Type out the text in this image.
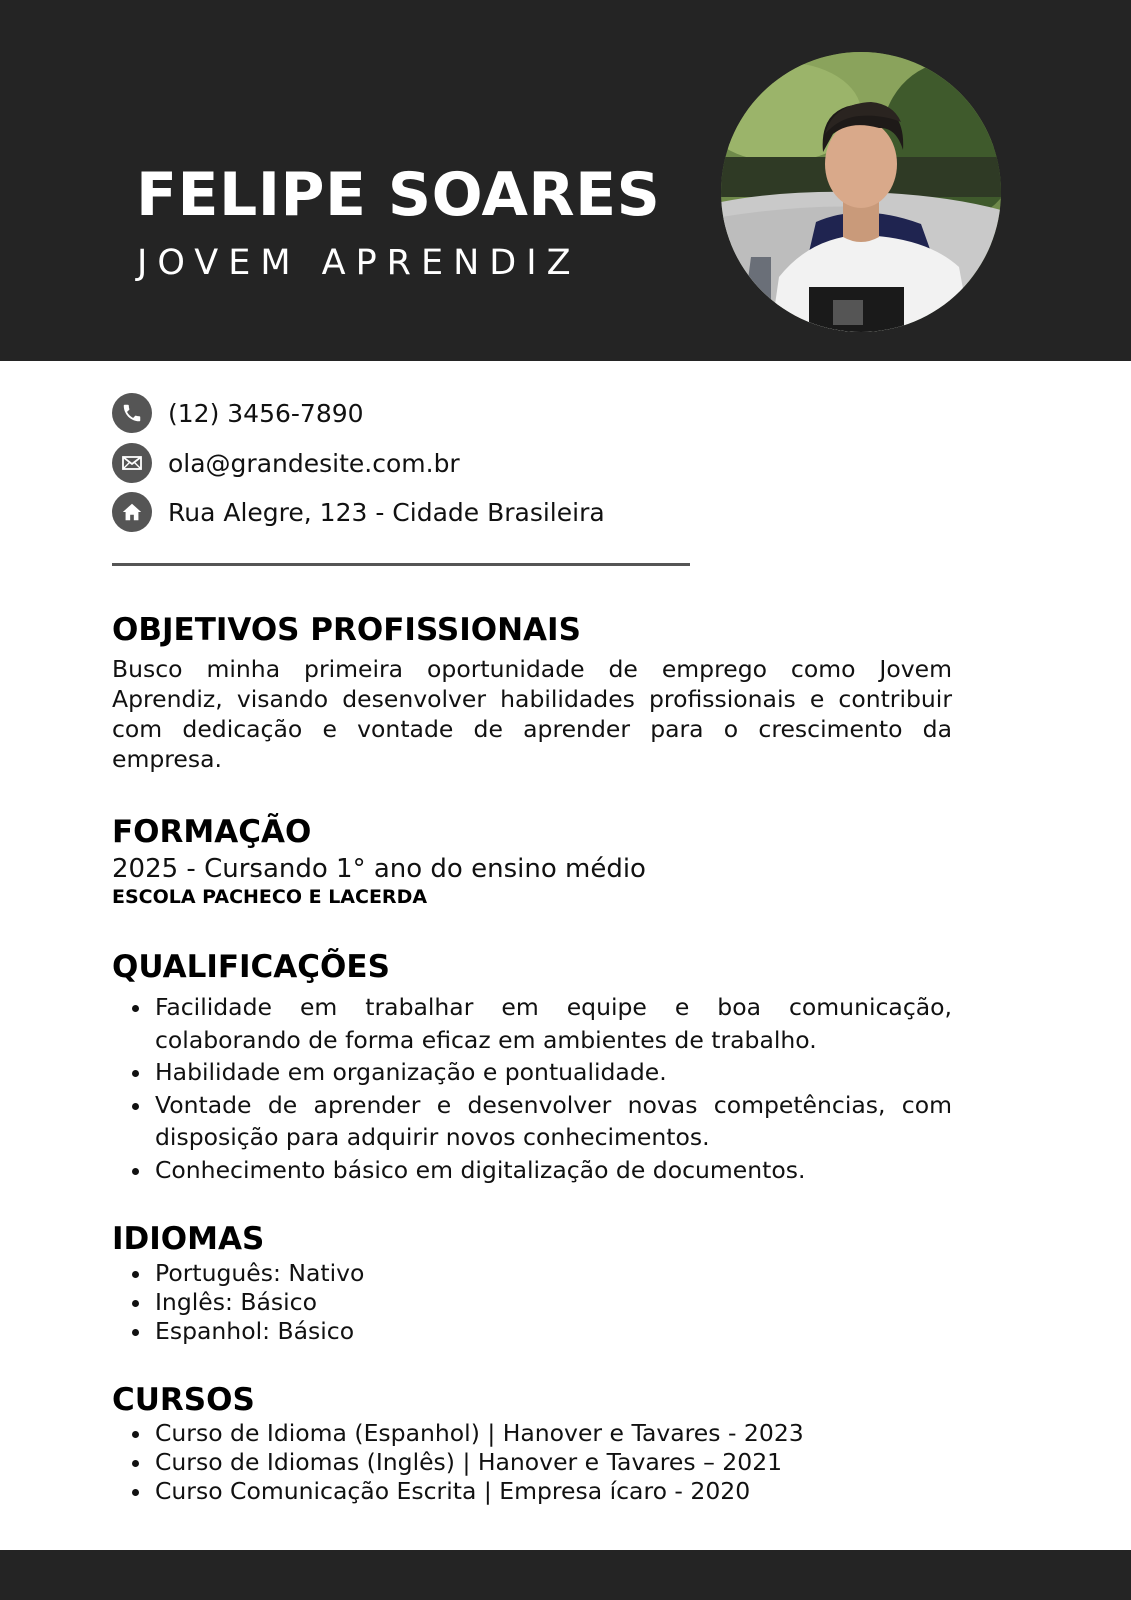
FELIPE SOARES
JOVEM APRENDIZ
(12) 3456-7890
ola@grandesite.com.br
Rua Alegre, 123 - Cidade Brasileira
OBJETIVOS PROFISSIONAIS
Busco minha primeira oportunidade de emprego como Jovem Aprendiz, visando desenvolver habilidades profissionais e contribuir com dedicação e vontade de aprender para o crescimento da empresa.
FORMAÇÃO
2025 - Cursando 1° ano do ensino médio
ESCOLA PACHECO E LACERDA
QUALIFICAÇÕES
Facilidade em trabalhar em equipe e boa comunicação, colaborando de forma eficaz em ambientes de trabalho.
Habilidade em organização e pontualidade.
Vontade de aprender e desenvolver novas competências, com disposição para adquirir novos conhecimentos.
Conhecimento básico em digitalização de documentos.
IDIOMAS
Português: Nativo
Inglês: Básico
Espanhol: Básico
CURSOS
Curso de Idioma (Espanhol) | Hanover e Tavares - 2023
Curso de Idiomas (Inglês) | Hanover e Tavares – 2021
Curso Comunicação Escrita | Empresa ícaro - 2020
